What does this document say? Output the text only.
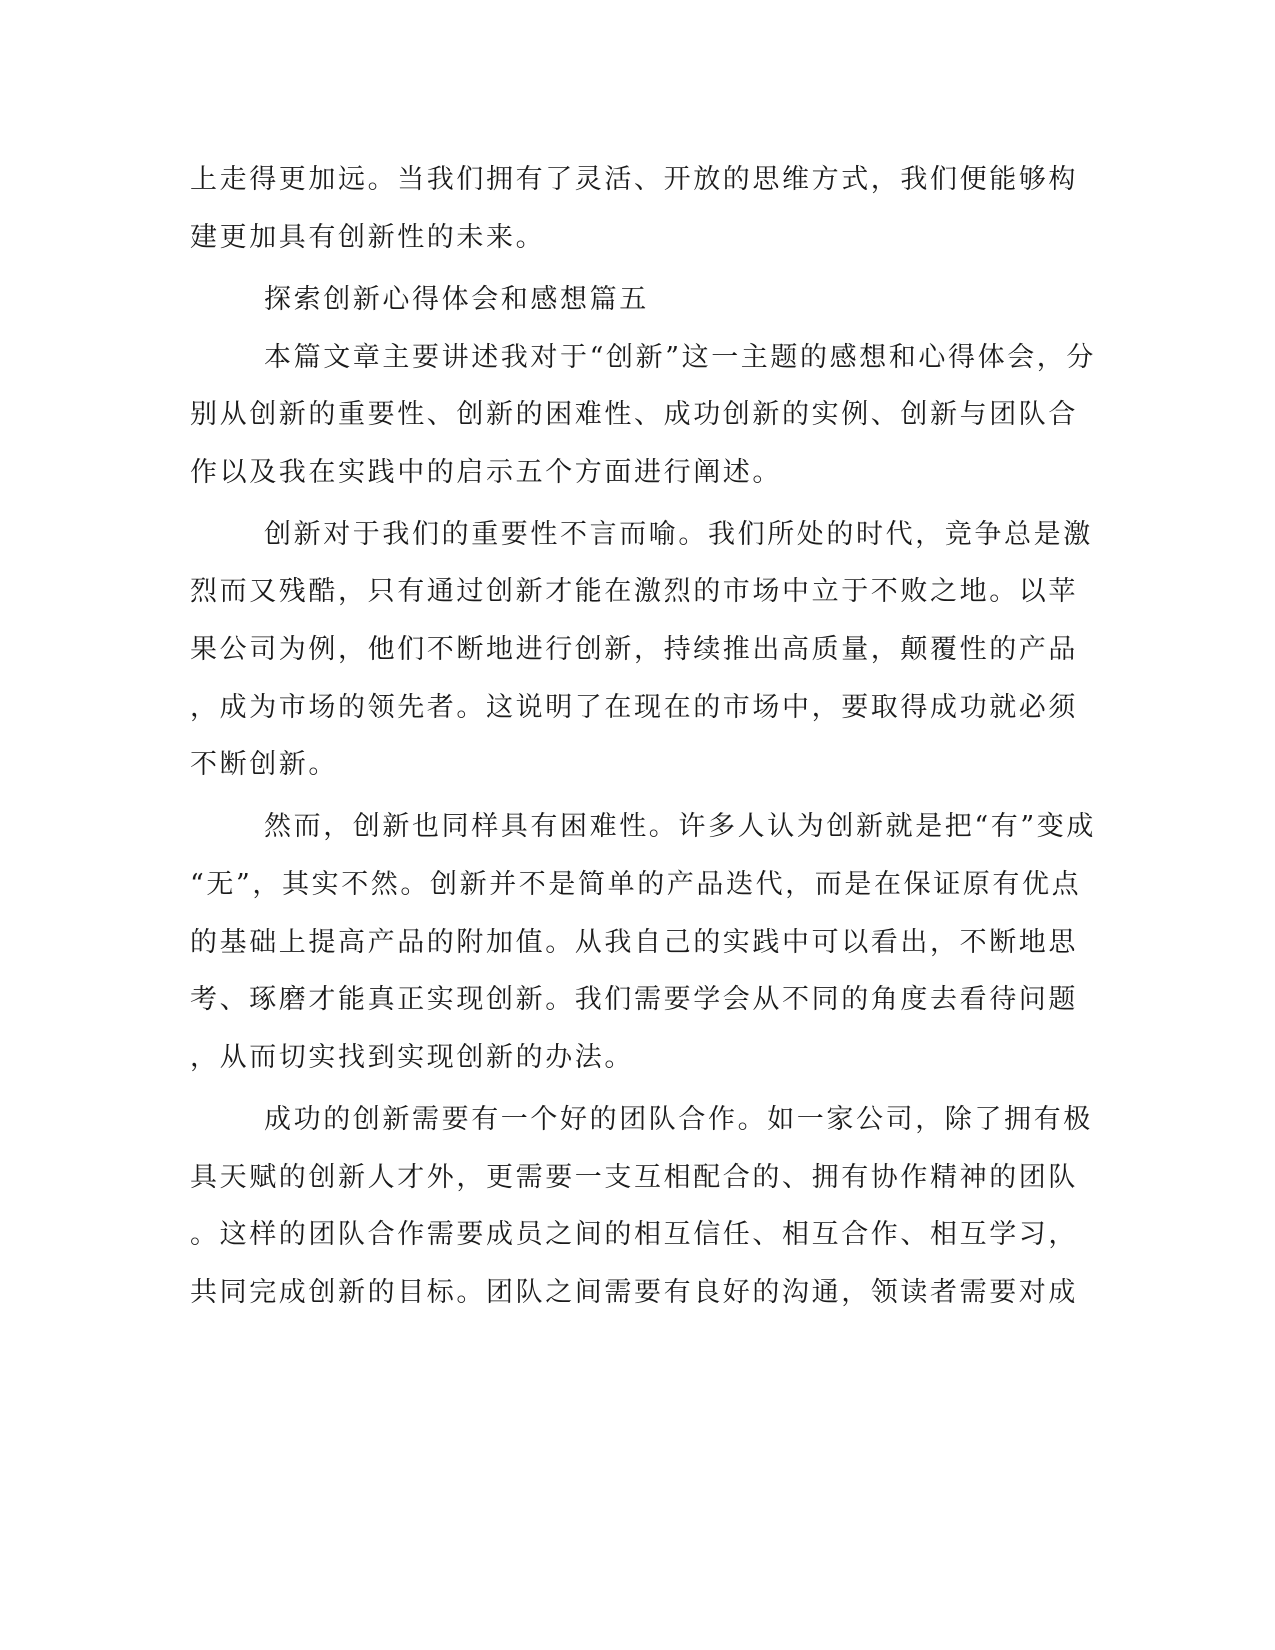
上走得更加远。当我们拥有了灵活、开放的思维方式，我们便能够构
建更加具有创新性的未来。
探索创新心得体会和感想篇五
本篇文章主要讲述我对于“创新”这一主题的感想和心得体会，分
别从创新的重要性、创新的困难性、成功创新的实例、创新与团队合
作以及我在实践中的启示五个方面进行阐述。
创新对于我们的重要性不言而喻。我们所处的时代，竞争总是激
烈而又残酷，只有通过创新才能在激烈的市场中立于不败之地。以苹
果公司为例，他们不断地进行创新，持续推出高质量，颠覆性的产品
，成为市场的领先者。这说明了在现在的市场中，要取得成功就必须
不断创新。
然而，创新也同样具有困难性。许多人认为创新就是把“有”变成
“无”，其实不然。创新并不是简单的产品迭代，而是在保证原有优点
的基础上提高产品的附加值。从我自己的实践中可以看出，不断地思
考、琢磨才能真正实现创新。我们需要学会从不同的角度去看待问题
，从而切实找到实现创新的办法。
成功的创新需要有一个好的团队合作。如一家公司，除了拥有极
具天赋的创新人才外，更需要一支互相配合的、拥有协作精神的团队
。这样的团队合作需要成员之间的相互信任、相互合作、相互学习，
共同完成创新的目标。团队之间需要有良好的沟通，领读者需要对成
